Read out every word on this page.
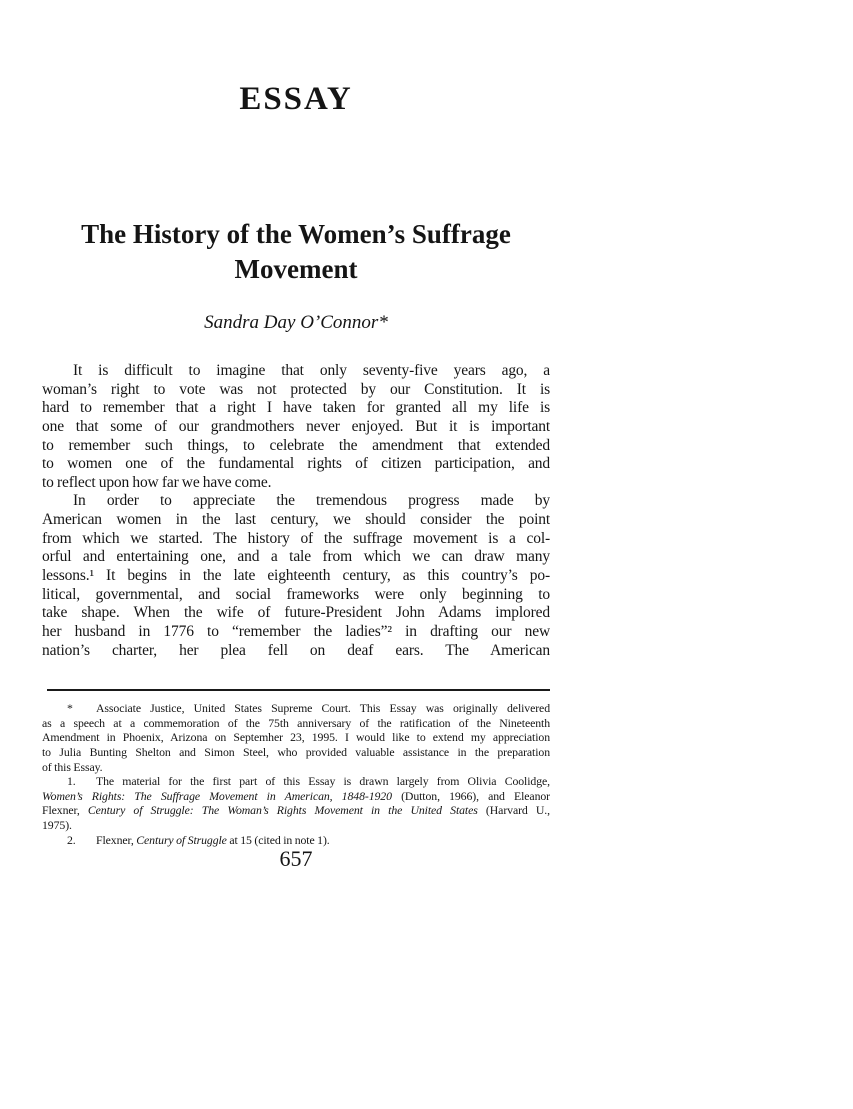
ESSAY
The History of the Women’s Suffrage
Movement
Sandra Day O’Connor*
It is difficult to imagine that only seventy-five years ago, a
woman’s right to vote was not protected by our Constitution. It is
hard to remember that a right I have taken for granted all my life is
one that some of our grandmothers never enjoyed. But it is important
to remember such things, to celebrate the amendment that extended
to women one of the fundamental rights of citizen participation, and
to reflect upon how far we have come.
In order to appreciate the tremendous progress made by
American women in the last century, we should consider the point
from which we started. The history of the suffrage movement is a col-
orful and entertaining one, and a tale from which we can draw many
lessons.¹ It begins in the late eighteenth century, as this country’s po-
litical, governmental, and social frameworks were only beginning to
take shape. When the wife of future-President John Adams implored
her husband in 1776 to “remember the ladies”² in drafting our new
nation’s charter, her plea fell on deaf ears. The American
* Associate Justice, United States Supreme Court. This Essay was originally delivered
as a speech at a commemoration of the 75th anniversary of the ratification of the Nineteenth
Amendment in Phoenix, Arizona on Septemher 23, 1995. I would like to extend my appreciation
to Julia Bunting Shelton and Simon Steel, who provided valuable assistance in the preparation
of this Essay.
1. The material for the first part of this Essay is drawn largely from Olivia Coolidge,
Women’s Rights: The Suffrage Movement in American, 1848-1920 (Dutton, 1966), and Eleanor
Flexner, Century of Struggle: The Woman’s Rights Movement in the United States (Harvard U.,
1975).
2. Flexner, Century of Struggle at 15 (cited in note 1).
657
